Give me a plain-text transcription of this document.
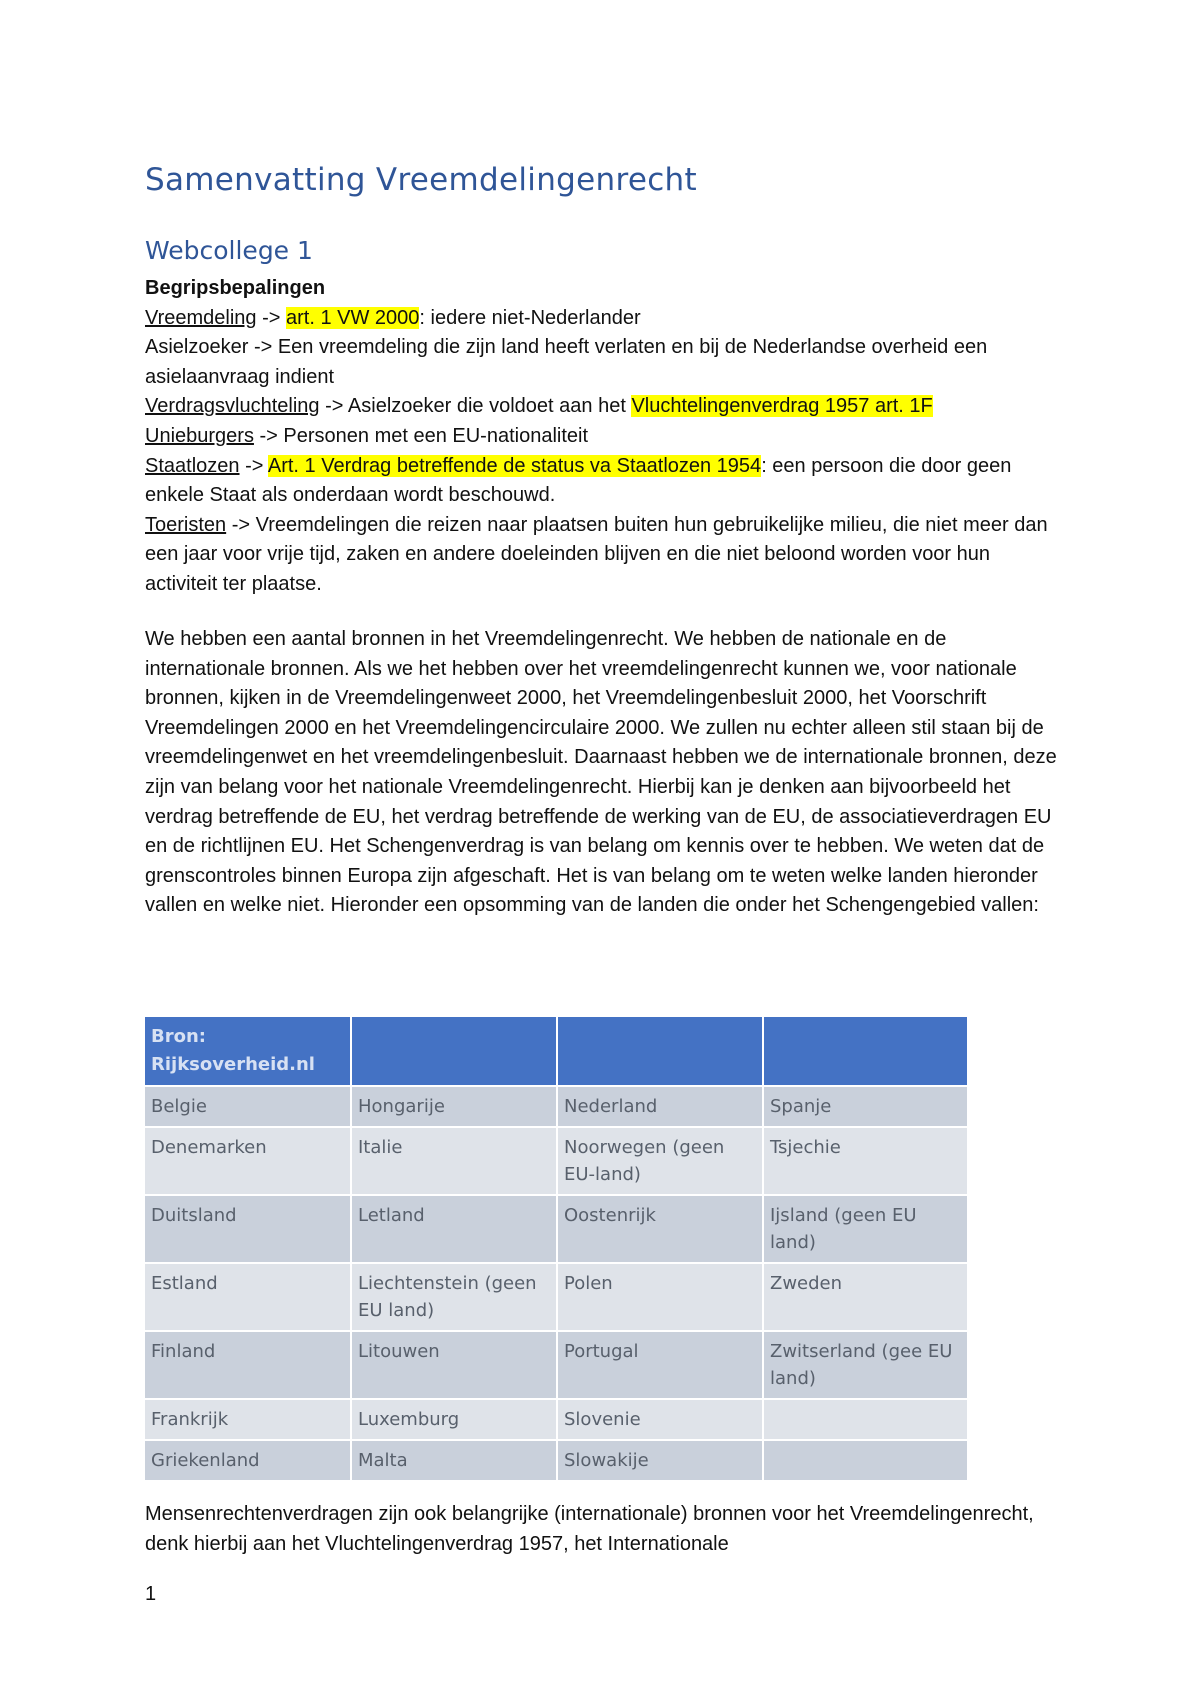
Samenvatting Vreemdelingenrecht
Webcollege 1

Begripsbepalingen

Vreemdeling -> art. 1 VW 2000: iedere niet-Nederlander

Asielzoeker -> Een vreemdeling die zijn land heeft verlaten en bij de Nederlandse overheid een asielaanvraag indient

Verdragsvluchteling -> Asielzoeker die voldoet aan het Vluchtelingenverdrag 1957 art. 1F

Unieburgers -> Personen met een EU-nationaliteit

Staatlozen -> Art. 1 Verdrag betreffende de status va Staatlozen 1954: een persoon die door geen enkele Staat als onderdaan wordt beschouwd.

Toeristen -> Vreemdelingen die reizen naar plaatsen buiten hun gebruikelijke milieu, die niet meer dan een jaar voor vrije tijd, zaken en andere doeleinden blijven en die niet beloond worden voor hun activiteit ter plaatse.

We hebben een aantal bronnen in het Vreemdelingenrecht. We hebben de nationale en de internationale bronnen. Als we het hebben over het vreemdelingenrecht kunnen we, voor nationale bronnen, kijken in de Vreemdelingenweet 2000, het Vreemdelingenbesluit 2000, het Voorschrift Vreemdelingen 2000 en het Vreemdelingencirculaire 2000. We zullen nu echter alleen stil staan bij de vreemdelingenwet en het vreemdelingenbesluit. Daarnaast hebben we de internationale bronnen, deze zijn van belang voor het nationale Vreemdelingenrecht. Hierbij kan je denken aan bijvoorbeeld het verdrag betreffende de EU, het verdrag betreffende de werking van de EU, de associatieverdragen EU en de richtlijnen EU. Het Schengenverdrag is van belang om kennis over te hebben. We weten dat de grenscontroles binnen Europa zijn afgeschaft. Het is van belang om te weten welke landen hieronder vallen en welke niet. Hieronder een opsomming van de landen die onder het Schengengebied vallen:

Bron: Rijksoverheid.nl			
Belgie	Hongarije	Nederland	Spanje
Denemarken	Italie	Noorwegen (geen EU-land)	Tsjechie
Duitsland	Letland	Oostenrijk	Ijsland (geen EU land)
Estland	Liechtenstein (geen EU land)	Polen	Zweden
Finland	Litouwen	Portugal	Zwitserland (gee EU land)
Frankrijk	Luxemburg	Slovenie	
Griekenland	Malta	Slowakije	

Mensenrechtenverdragen zijn ook belangrijke (internationale) bronnen voor het Vreemdelingenrecht, denk hierbij aan het Vluchtelingenverdrag 1957, het Internationale

1
